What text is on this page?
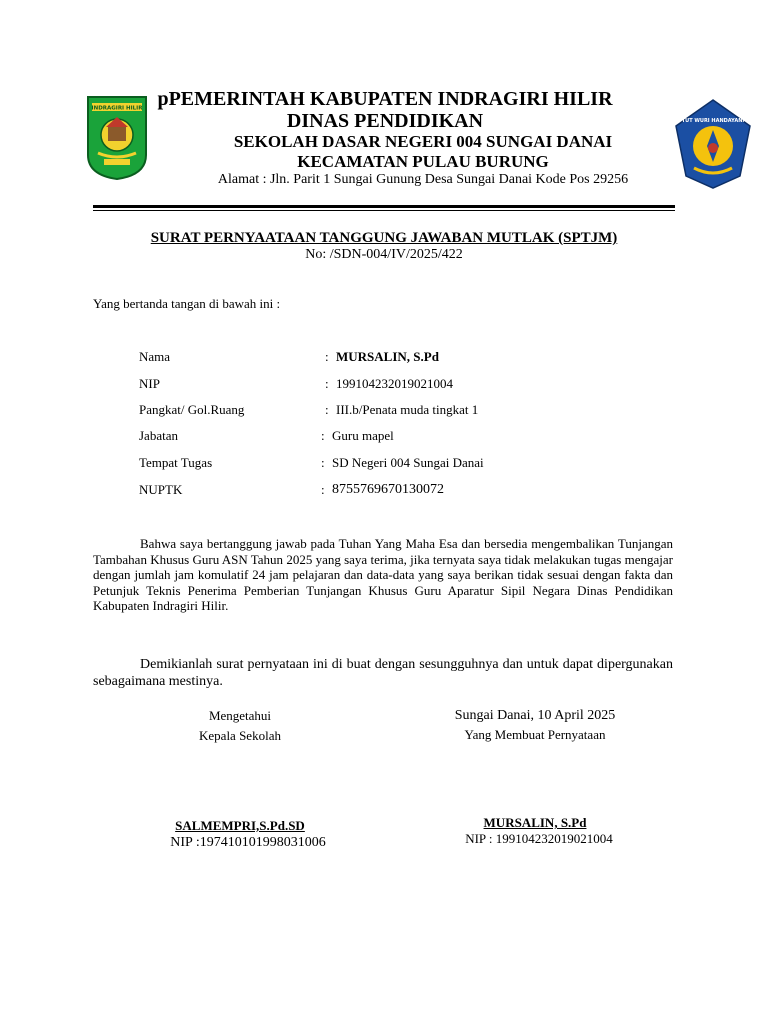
INDRAGIRI HILIR
TUT WURI HANDAYANI
pPEMERINTAH KABUPATEN INDRAGIRI HILIR
DINAS PENDIDIKAN
SEKOLAH DASAR NEGERI 004 SUNGAI DANAI
KECAMATAN PULAU BURUNG
Alamat : Jln. Parit 1 Sungai Gunung Desa Sungai Danai Kode Pos 29256
SURAT PERNYAATAAN TANGGUNG JAWABAN MUTLAK (SPTJM)
No: /SDN-004/IV/2025/422
Yang bertanda tangan di bawah ini :
Nama	: MURSALIN, S.Pd
NIP	: 199104232019021004
Pangkat/ Gol.Ruang	: III.b/Penata muda tingkat 1
Jabatan	: Guru mapel
Tempat Tugas	: SD Negeri 004 Sungai Danai
NUPTK	: 8755769670130072
Bahwa saya bertanggung jawab pada Tuhan Yang Maha Esa dan bersedia mengembalikan Tunjangan Tambahan Khusus Guru ASN Tahun 2025 yang saya terima, jika ternyata saya tidak melakukan tugas mengajar dengan jumlah jam komulatif 24 jam pelajaran dan data-data yang saya berikan tidak sesuai dengan fakta dan Petunjuk Teknis Penerima Pemberian Tunjangan Khusus Guru Aparatur Sipil Negara Dinas Pendidikan Kabupaten Indragiri Hilir.
Demikianlah surat pernyataan ini di buat dengan sesungguhnya dan untuk dapat dipergunakan sebagaimana mestinya.
Mengetahui
Kepala Sekolah
SALMEMPRI,S.Pd.SD
NIP :197410101998031006
Sungai Danai, 10 April 2025
Yang Membuat Pernyataan
MURSALIN, S.Pd
NIP : 199104232019021004
